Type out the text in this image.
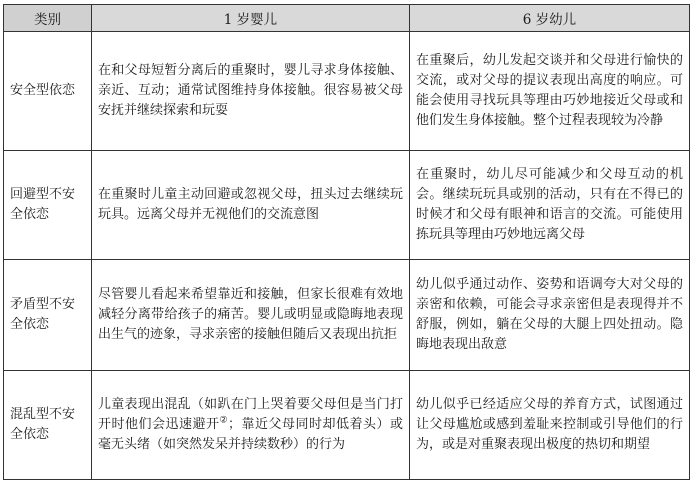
类别	1 岁婴儿	6 岁幼儿
安全型依恋	在和父母短暂分离后的重聚时，婴儿寻求身体接触、亲近、互动；通常试图维持身体接触。很容易被父母安抚并继续探索和玩耍	在重聚后，幼儿发起交谈并和父母进行愉快的交流，或对父母的提议表现出高度的响应。可能会使用寻找玩具等理由巧妙地接近父母或和他们发生身体接触。整个过程表现较为冷静
回避型不安全依恋	在重聚时儿童主动回避或忽视父母，扭头过去继续玩玩具。远离父母并无视他们的交流意图	在重聚时，幼儿尽可能减少和父母互动的机会。继续玩玩具或别的活动，只有在不得已的时候才和父母有眼神和语言的交流。可能使用拣玩具等理由巧妙地远离父母
矛盾型不安全依恋	尽管婴儿看起来希望靠近和接触，但家长很难有效地减轻分离带给孩子的痛苦。婴儿或明显或隐晦地表现出生气的迹象，寻求亲密的接触但随后又表现出抗拒	幼儿似乎通过动作、姿势和语调夸大对父母的亲密和依赖，可能会寻求亲密但是表现得并不舒服，例如，躺在父母的大腿上四处扭动。隐晦地表现出敌意
混乱型不安全依恋	儿童表现出混乱（如趴在门上哭着要父母但是当门打开时他们会迅速避开②；靠近父母同时却低着头）或毫无头绪（如突然发呆并持续数秒）的行为	幼儿似乎已经适应父母的养育方式，试图通过让父母尴尬或感到羞耻来控制或引导他们的行为，或是对重聚表现出极度的热切和期望
